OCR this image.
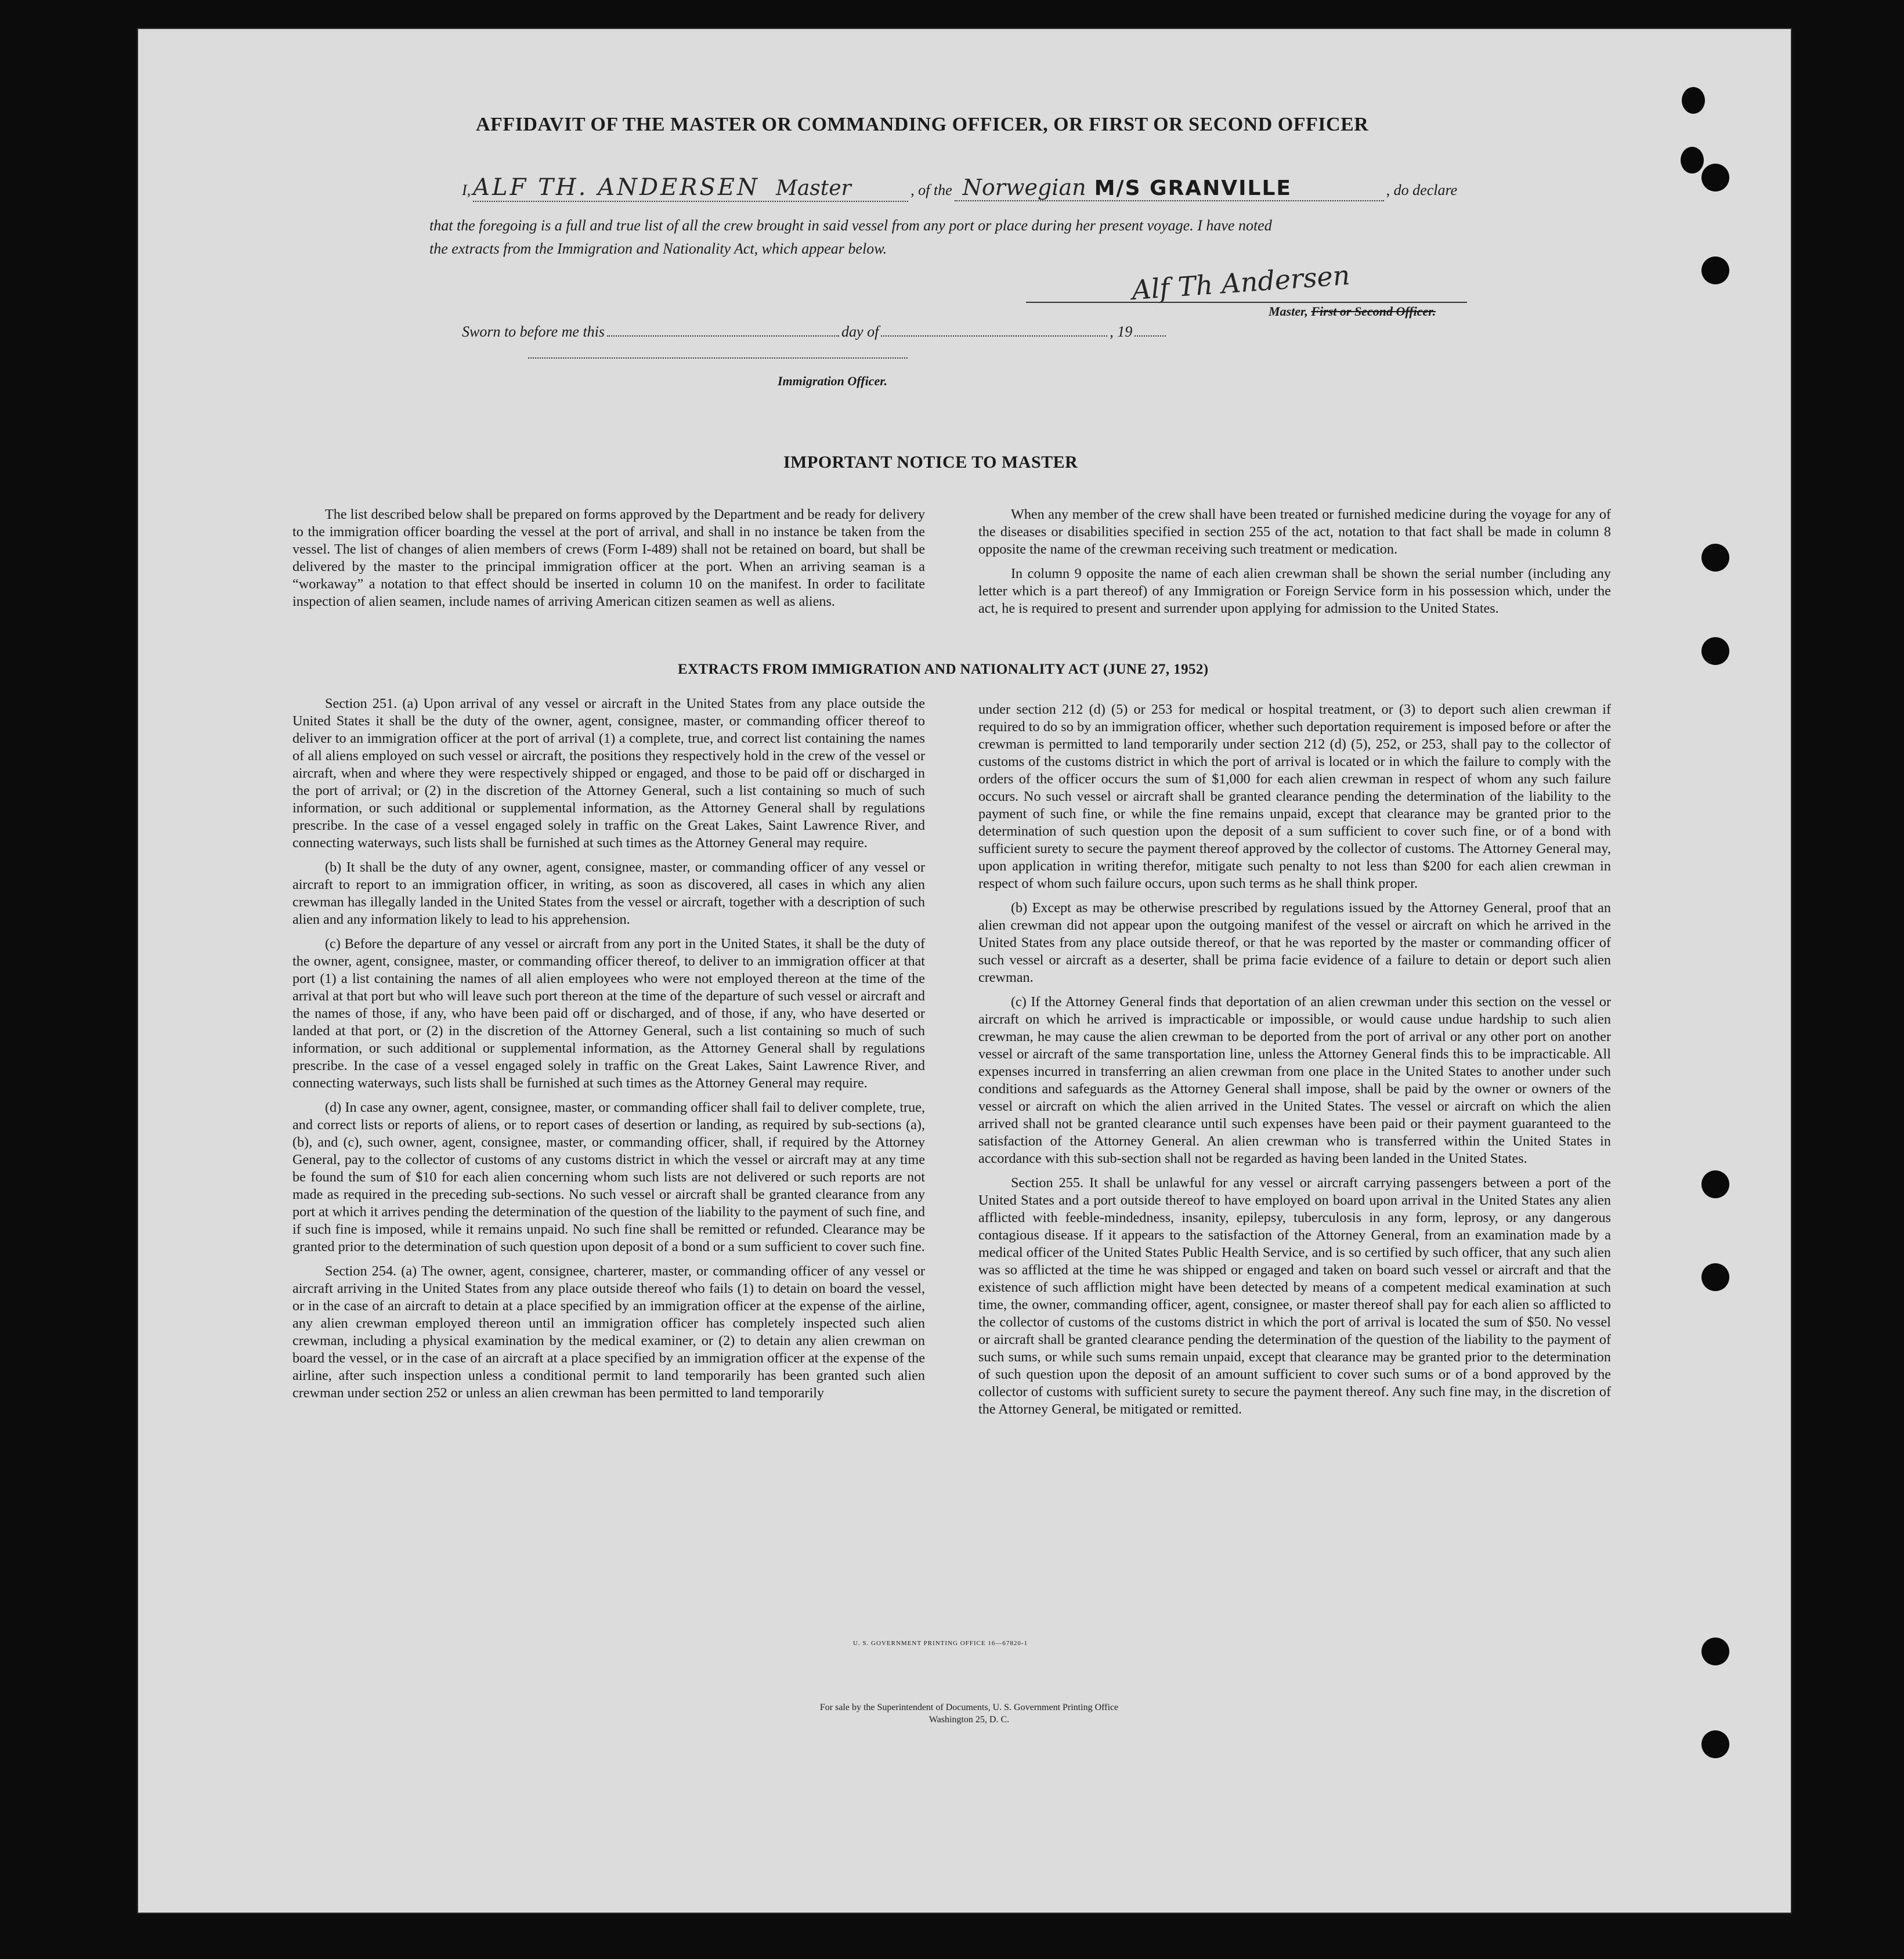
AFFIDAVIT OF THE MASTER OR COMMANDING OFFICER, OR FIRST OR SECOND OFFICER
I, ALF TH. ANDERSEN Master	, of the Norwegian M/S GRANVILLE	, do declare
that the foregoing is a full and true list of all the crew brought in said vessel from any port or place during her present voyage. I have noted
the extracts from the Immigration and Nationality Act, which appear below.
Alf Th Andersen
Master, First or Second Officer.
Sworn to before me this	day of	, 19
Immigration Officer.
IMPORTANT NOTICE TO MASTER

The list described below shall be prepared on forms approved by the Department and be ready for delivery to the immigration officer boarding the vessel at the port of arrival, and shall in no instance be taken from the vessel. The list of changes of alien members of crews (Form I-489) shall not be retained on board, but shall be delivered by the master to the principal immigration officer at the port. When an arriving seaman is a “workaway” a notation to that effect should be inserted in column 10 on the manifest. In order to facilitate inspection of alien seamen, include names of arriving American citizen seamen as well as aliens.

When any member of the crew shall have been treated or furnished medicine during the voyage for any of the diseases or disabilities specified in section 255 of the act, notation to that fact shall be made in column 8 opposite the name of the crewman receiving such treatment or medication.

In column 9 opposite the name of each alien crewman shall be shown the serial number (including any letter which is a part thereof) of any Immigration or Foreign Service form in his possession which, under the act, he is required to present and surrender upon applying for admission to the United States.

EXTRACTS FROM IMMIGRATION AND NATIONALITY ACT (JUNE 27, 1952)

Section 251. (a) Upon arrival of any vessel or aircraft in the United States from any place outside the United States it shall be the duty of the owner, agent, consignee, master, or commanding officer thereof to deliver to an immigration officer at the port of arrival (1) a complete, true, and correct list containing the names of all aliens employed on such vessel or aircraft, the positions they respectively hold in the crew of the vessel or aircraft, when and where they were respectively shipped or engaged, and those to be paid off or discharged in the port of arrival; or (2) in the discretion of the Attorney General, such a list containing so much of such information, or such additional or supplemental information, as the Attorney General shall by regulations prescribe. In the case of a vessel engaged solely in traffic on the Great Lakes, Saint Lawrence River, and connecting waterways, such lists shall be furnished at such times as the Attorney General may require.

(b) It shall be the duty of any owner, agent, consignee, master, or commanding officer of any vessel or aircraft to report to an immigration officer, in writing, as soon as discovered, all cases in which any alien crewman has illegally landed in the United States from the vessel or aircraft, together with a description of such alien and any information likely to lead to his apprehension.

(c) Before the departure of any vessel or aircraft from any port in the United States, it shall be the duty of the owner, agent, consignee, master, or commanding officer thereof, to deliver to an immigration officer at that port (1) a list containing the names of all alien employees who were not employed thereon at the time of the arrival at that port but who will leave such port thereon at the time of the departure of such vessel or aircraft and the names of those, if any, who have been paid off or discharged, and of those, if any, who have deserted or landed at that port, or (2) in the discretion of the Attorney General, such a list containing so much of such information, or such additional or supplemental information, as the Attorney General shall by regulations prescribe. In the case of a vessel engaged solely in traffic on the Great Lakes, Saint Lawrence River, and connecting waterways, such lists shall be furnished at such times as the Attorney General may require.

(d) In case any owner, agent, consignee, master, or commanding officer shall fail to deliver complete, true, and correct lists or reports of aliens, or to report cases of desertion or landing, as required by sub-sections (a), (b), and (c), such owner, agent, consignee, master, or commanding officer, shall, if required by the Attorney General, pay to the collector of customs of any customs district in which the vessel or aircraft may at any time be found the sum of $10 for each alien concerning whom such lists are not delivered or such reports are not made as required in the preceding sub-sections. No such vessel or aircraft shall be granted clearance from any port at which it arrives pending the determination of the question of the liability to the payment of such fine, and if such fine is imposed, while it remains unpaid. No such fine shall be remitted or refunded. Clearance may be granted prior to the determination of such question upon deposit of a bond or a sum sufficient to cover such fine.

Section 254. (a) The owner, agent, consignee, charterer, master, or commanding officer of any vessel or aircraft arriving in the United States from any place outside thereof who fails (1) to detain on board the vessel, or in the case of an aircraft to detain at a place specified by an immigration officer at the expense of the airline, any alien crewman employed thereon until an immigration officer has completely inspected such alien crewman, including a physical examination by the medical examiner, or (2) to detain any alien crewman on board the vessel, or in the case of an aircraft at a place specified by an immigration officer at the expense of the airline, after such inspection unless a conditional permit to land temporarily has been granted such alien crewman under section 252 or unless an alien crewman has been permitted to land temporarily

under section 212 (d) (5) or 253 for medical or hospital treatment, or (3) to deport such alien crewman if required to do so by an immigration officer, whether such deportation requirement is imposed before or after the crewman is permitted to land temporarily under section 212 (d) (5), 252, or 253, shall pay to the collector of customs of the customs district in which the port of arrival is located or in which the failure to comply with the orders of the officer occurs the sum of $1,000 for each alien crewman in respect of whom any such failure occurs. No such vessel or aircraft shall be granted clearance pending the determination of the liability to the payment of such fine, or while the fine remains unpaid, except that clearance may be granted prior to the determination of such question upon the deposit of a sum sufficient to cover such fine, or of a bond with sufficient surety to secure the payment thereof approved by the collector of customs. The Attorney General may, upon application in writing therefor, mitigate such penalty to not less than $200 for each alien crewman in respect of whom such failure occurs, upon such terms as he shall think proper.

(b) Except as may be otherwise prescribed by regulations issued by the Attorney General, proof that an alien crewman did not appear upon the outgoing manifest of the vessel or aircraft on which he arrived in the United States from any place outside thereof, or that he was reported by the master or commanding officer of such vessel or aircraft as a deserter, shall be prima facie evidence of a failure to detain or deport such alien crewman.

(c) If the Attorney General finds that deportation of an alien crewman under this section on the vessel or aircraft on which he arrived is impracticable or impossible, or would cause undue hardship to such alien crewman, he may cause the alien crewman to be deported from the port of arrival or any other port on another vessel or aircraft of the same transportation line, unless the Attorney General finds this to be impracticable. All expenses incurred in transferring an alien crewman from one place in the United States to another under such conditions and safeguards as the Attorney General shall impose, shall be paid by the owner or owners of the vessel or aircraft on which the alien arrived in the United States. The vessel or aircraft on which the alien arrived shall not be granted clearance until such expenses have been paid or their payment guaranteed to the satisfaction of the Attorney General. An alien crewman who is transferred within the United States in accordance with this sub-section shall not be regarded as having been landed in the United States.

Section 255. It shall be unlawful for any vessel or aircraft carrying passengers between a port of the United States and a port outside thereof to have employed on board upon arrival in the United States any alien afflicted with feeble-mindedness, insanity, epilepsy, tuberculosis in any form, leprosy, or any dangerous contagious disease. If it appears to the satisfaction of the Attorney General, from an examination made by a medical officer of the United States Public Health Service, and is so certified by such officer, that any such alien was so afflicted at the time he was shipped or engaged and taken on board such vessel or aircraft and that the existence of such affliction might have been detected by means of a competent medical examination at such time, the owner, commanding officer, agent, consignee, or master thereof shall pay for each alien so afflicted to the collector of customs of the customs district in which the port of arrival is located the sum of $50. No vessel or aircraft shall be granted clearance pending the determination of the question of the liability to the payment of such sums, or while such sums remain unpaid, except that clearance may be granted prior to the determination of such question upon the deposit of an amount sufficient to cover such sums or of a bond approved by the collector of customs with sufficient surety to secure the payment thereof. Any such fine may, in the discretion of the Attorney General, be mitigated or remitted.

U. S. GOVERNMENT PRINTING OFFICE 16—67820-1
For sale by the Superintendent of Documents, U. S. Government Printing Office
Washington 25, D. C.
